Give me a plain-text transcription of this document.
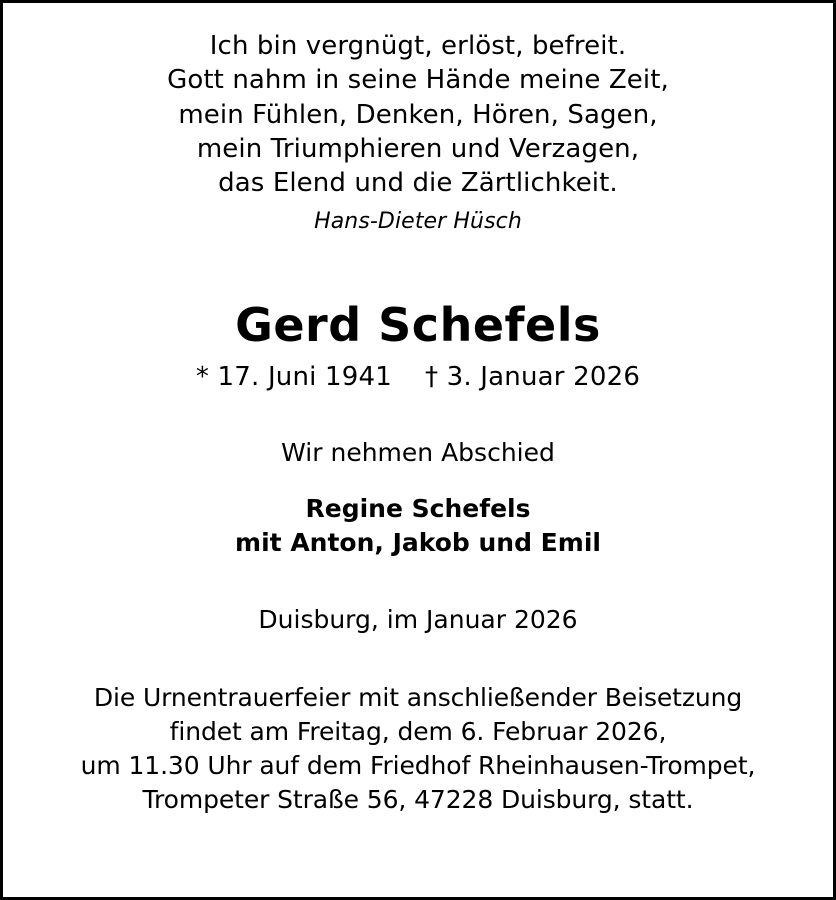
Ich bin vergnügt, erlöst, befreit.
Gott nahm in seine Hände meine Zeit,
mein Fühlen, Denken, Hören, Sagen,
mein Triumphieren und Verzagen,
das Elend und die Zärtlichkeit.
Hans-Dieter Hüsch
Gerd Schefels
* 17. Juni 1941 † 3. Januar 2026
Wir nehmen Abschied
Regine Schefels
mit Anton, Jakob und Emil
Duisburg, im Januar 2026
Die Urnentrauerfeier mit anschließender Beisetzung
findet am Freitag, dem 6. Februar 2026,
um 11.30 Uhr auf dem Friedhof Rheinhausen-Trompet,
Trompeter Straße 56, 47228 Duisburg, statt.
